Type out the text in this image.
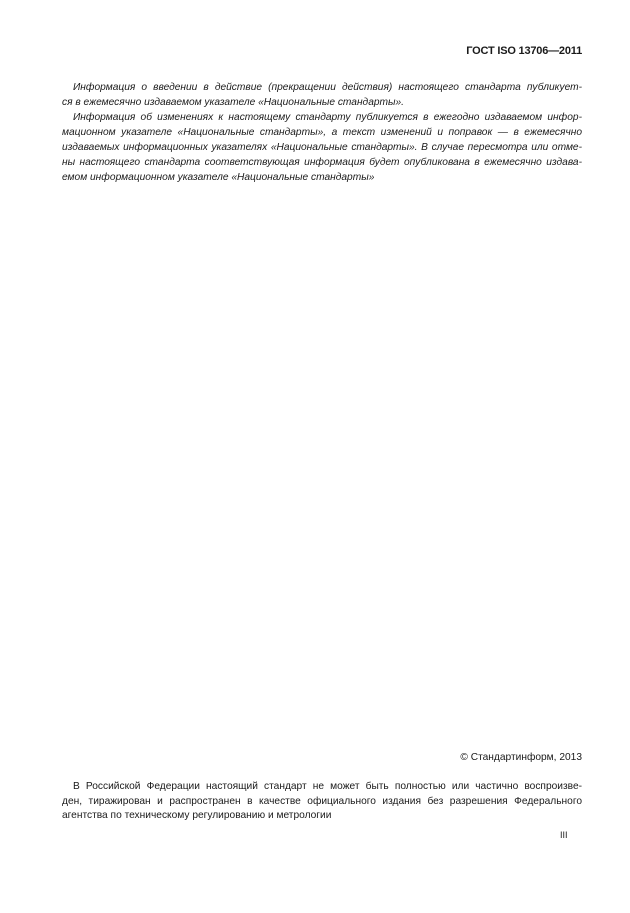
ГОСТ ISO 13706—2011
Информация о введении в действие (прекращении действия) настоящего стандарта публикует-
ся в ежемесячно издаваемом указателе «Национальные стандарты».
Информация об изменениях к настоящему стандарту публикуется в ежегодно издаваемом инфор-
мационном указателе «Национальные стандарты», а текст изменений и поправок — в ежемесячно
издаваемых информационных указателях «Национальные стандарты». В случае пересмотра или отме-
ны настоящего стандарта соответствующая информация будет опубликована в ежемесячно издава-
емом информационном указателе «Национальные стандарты»
© Стандартинформ, 2013
В Российской Федерации настоящий стандарт не может быть полностью или частично воспроизве-
ден, тиражирован и распространен в качестве официального издания без разрешения Федерального
агентства по техническому регулированию и метрологии
III
